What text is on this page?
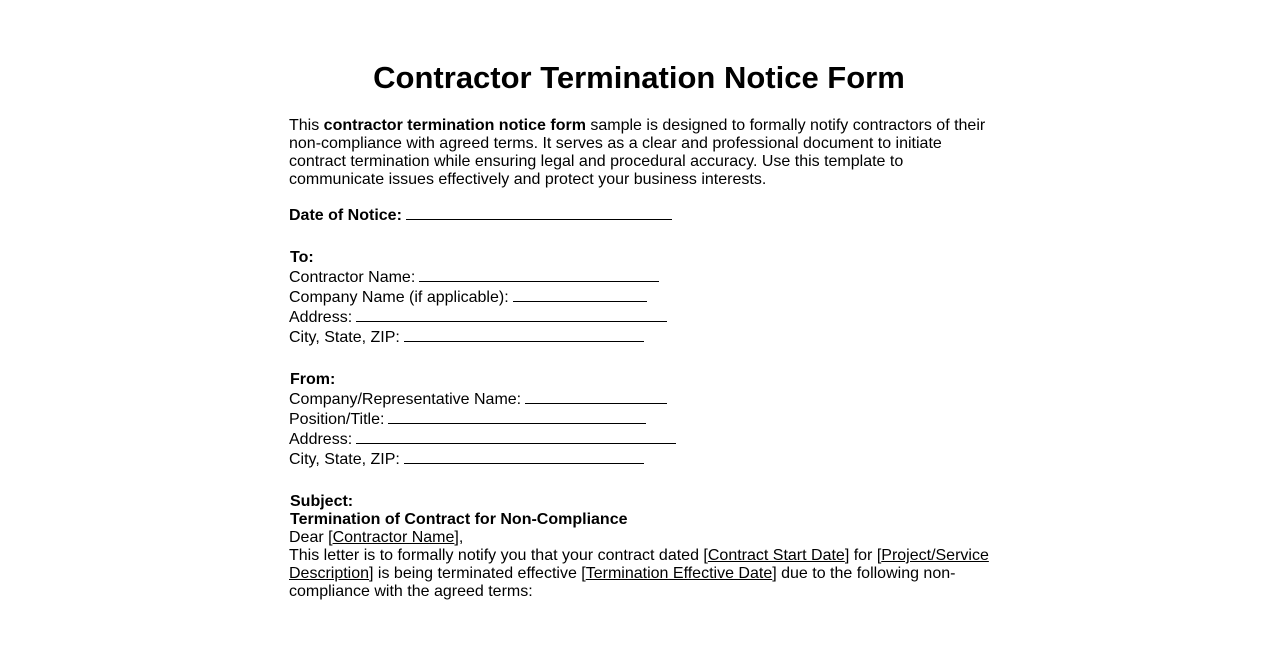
Contractor Termination Notice Form

This contractor termination notice form sample is designed to formally notify contractors of their non-compliance with agreed terms. It serves as a clear and professional document to initiate contract termination while ensuring legal and procedural accuracy. Use this template to communicate issues effectively and protect your business interests.

Date of Notice:
To:
Contractor Name:
Company Name (if applicable):
Address:
City, State, ZIP:
From:
Company/Representative Name:
Position/Title:
Address:
City, State, ZIP:
Subject:
Termination of Contract for Non-Compliance

Dear [Contractor Name],

This letter is to formally notify you that your contract dated [Contract Start Date] for [Project/Service Description] is being terminated effective [Termination Effective Date] due to the following non-compliance with the agreed terms:
